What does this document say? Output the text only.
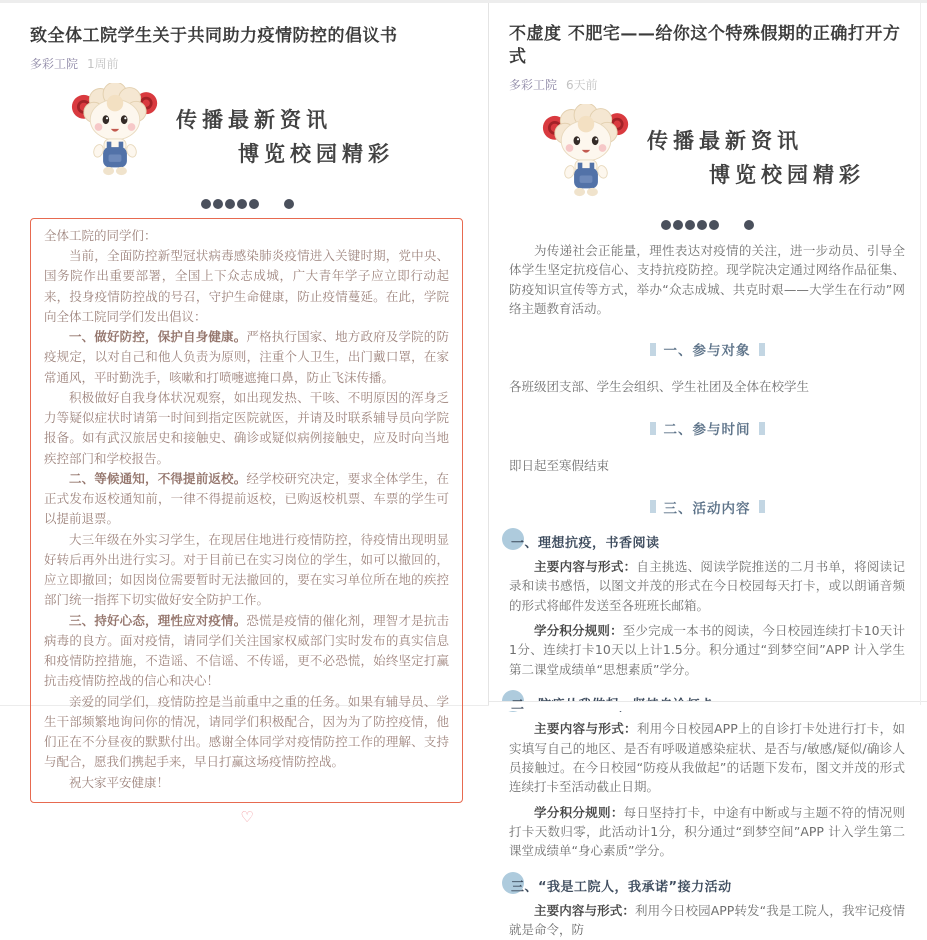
致全体工院学生关于共同助力疫情防控的倡议书
多彩工院 1周前
传播最新资讯
博览校园精彩

全体工院的同学们：

当前，全面防控新型冠状病毒感染肺炎疫情进入关键时期，党中央、国务院作出重要部署，全国上下众志成城，广大青年学子应立即行动起来，投身疫情防控战的号召，守护生命健康，防止疫情蔓延。在此，学院向全体工院同学们发出倡议：

一、做好防控，保护自身健康。严格执行国家、地方政府及学院的防疫规定，以对自己和他人负责为原则，注重个人卫生，出门戴口罩，在家常通风，平时勤洗手，咳嗽和打喷嚏遮掩口鼻，防止飞沫传播。

积极做好自我身体状况观察，如出现发热、干咳、不明原因的浑身乏力等疑似症状时请第一时间到指定医院就医，并请及时联系辅导员向学院报备。如有武汉旅居史和接触史、确诊或疑似病例接触史，应及时向当地疾控部门和学校报告。

二、等候通知，不得提前返校。经学校研究决定，要求全体学生，在正式发布返校通知前，一律不得提前返校，已购返校机票、车票的学生可以提前退票。

大三年级在外实习学生，在现居住地进行疫情防控，待疫情出现明显好转后再外出进行实习。对于目前已在实习岗位的学生，如可以撤回的，应立即撤回；如因岗位需要暂时无法撤回的，要在实习单位所在地的疾控部门统一指挥下切实做好安全防护工作。

三、持好心态，理性应对疫情。恐慌是疫情的催化剂，理智才是抗击病毒的良方。面对疫情，请同学们关注国家权威部门实时发布的真实信息和疫情防控措施，不造谣、不信谣、不传谣，更不必恐慌，始终坚定打赢抗击疫情防控战的信心和决心！

亲爱的同学们，疫情防控是当前重中之重的任务。如果有辅导员、学生干部频繁地询问你的情况，请同学们积极配合，因为为了防控疫情，他们正在不分昼夜的默默付出。感谢全体同学对疫情防控工作的理解、支持与配合，愿我们携起手来，早日打赢这场疫情防控战。

祝大家平安健康！

♡
不虚度 不肥宅——给你这个特殊假期的正确打开方式
多彩工院 6天前
传播最新资讯
博览校园精彩

为传递社会正能量，理性表达对疫情的关注，进一步动员、引导全体学生坚定抗疫信心、支持抗疫防控。现学院决定通过网络作品征集、防疫知识宣传等方式，举办“众志成城、共克时艰——大学生在行动”网络主题教育活动。

一、参与对象

各班级团支部、学生会组织、学生社团及全体在校学生

二、参与时间

即日起至寒假结束

三、活动内容
一、理想抗疫，书香阅读

主要内容与形式：自主挑选、阅读学院推送的二月书单，将阅读记录和读书感悟，以图文并茂的形式在今日校园每天打卡，或以朗诵音频的形式将邮件发送至各班班长邮箱。

学分积分规则：至少完成一本书的阅读，今日校园连续打卡10天计1分、连续打卡10天以上计1.5分。积分通过“到梦空间”APP 计入学生第二课堂成绩单“思想素质”学分。

二

主要内容与形式：利用今日校园APP上的自诊打卡处进行打卡，如实填写自己的地区、是否有呼吸道感染症状、是否与/敏感/疑似/确诊人员接触过。在今日校园“防疫从我做起”的话题下发布，图文并茂的形式连续打卡至活动截止日期。

学分积分规则：每日坚持打卡，中途有中断或与主题不符的情况则打卡天数归零，此活动计1分，积分通过“到梦空间”APP 计入学生第二课堂成绩单“身心素质”学分。

三、“我是工院人，我承诺”接力活动

主要内容与形式：利用今日校园APP转发“我是工院人，我牢记疫情就是命令，防
